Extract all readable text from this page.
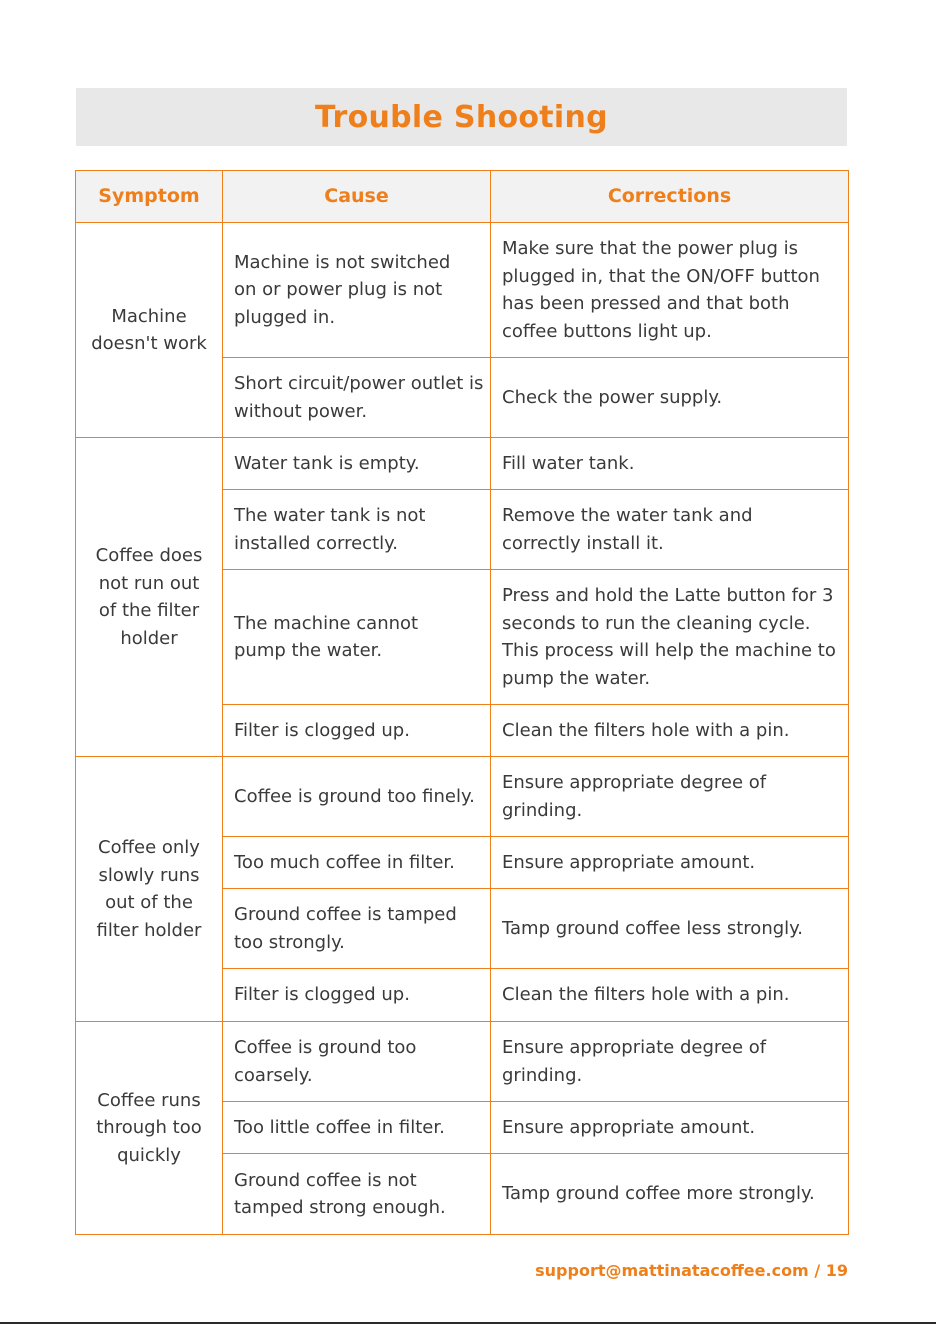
Trouble Shooting
Symptom	Cause	Corrections
Machine doesn't work	Machine is not switched on or power plug is not plugged in.	Make sure that the power plug is plugged in, that the ON/OFF button has been pressed and that both coffee buttons light up.
	Short circuit/power outlet is without power.	Check the power supply.
Coffee does not run out of the filter holder	Water tank is empty.	Fill water tank.
	The water tank is not installed correctly.	Remove the water tank and correctly install it.
	The machine cannot pump the water.	Press and hold the Latte button for 3 seconds to run the cleaning cycle. This process will help the machine to pump the water.
	Filter is clogged up.	Clean the filters hole with a pin.
Coffee only slowly runs out of the filter holder	Coffee is ground too finely.	Ensure appropriate degree of grinding.
	Too much coffee in filter.	Ensure appropriate amount.
	Ground coffee is tamped too strongly.	Tamp ground coffee less strongly.
	Filter is clogged up.	Clean the filters hole with a pin.
Coffee runs through too quickly	Coffee is ground too coarsely.	Ensure appropriate degree of grinding.
	Too little coffee in filter.	Ensure appropriate amount.
	Ground coffee is not tamped strong enough.	Tamp ground coffee more strongly.
support@mattinatacoffee.com / 19
